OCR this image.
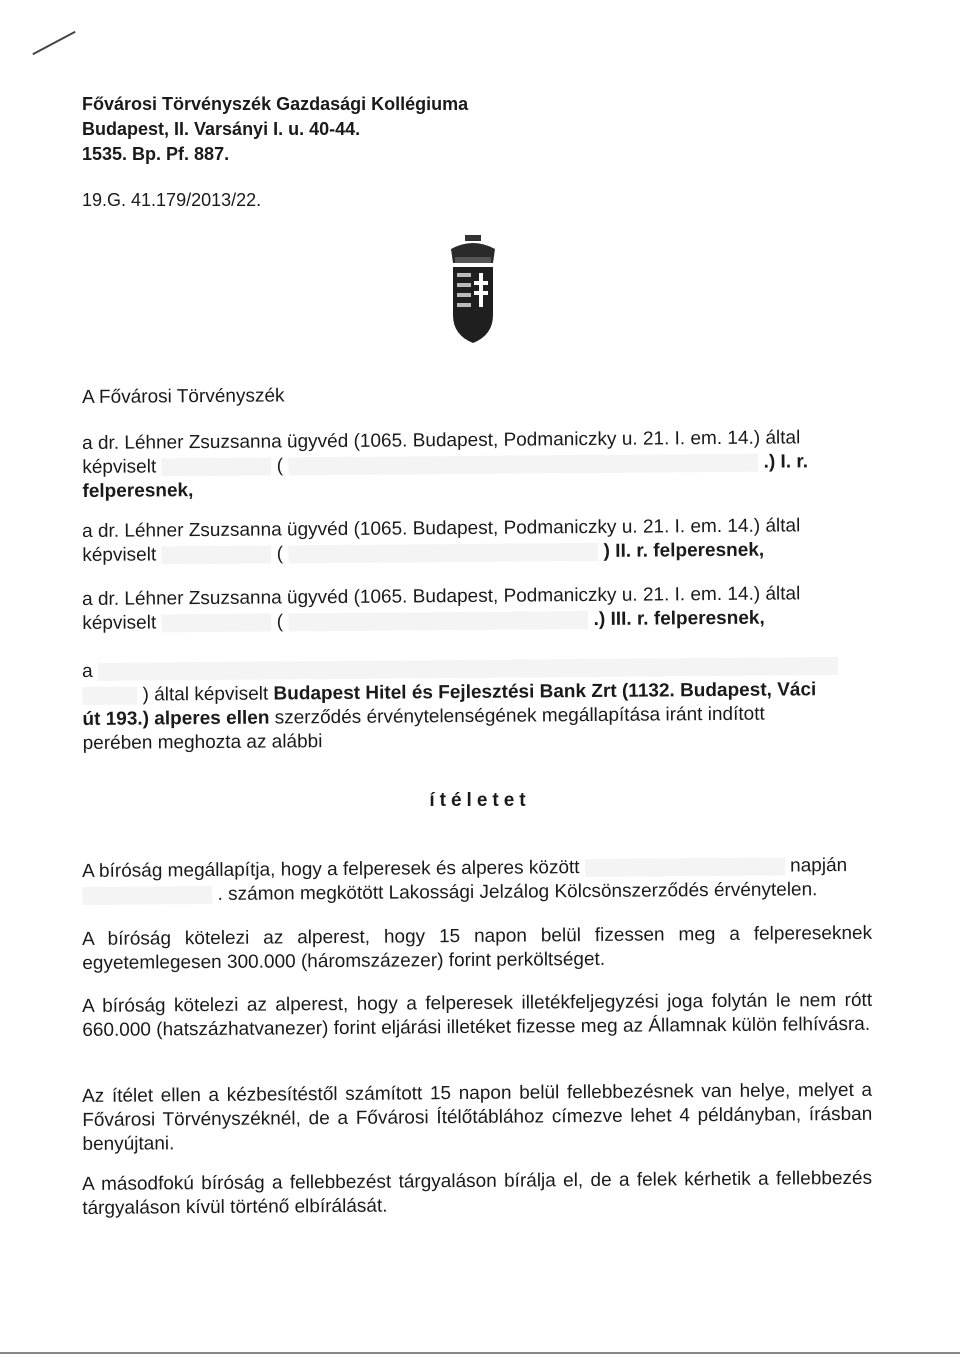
Fővárosi Törvényszék Gazdasági Kollégiuma
Budapest, II. Varsányi I. u. 40-44.
1535. Bp. Pf. 887.
19.G. 41.179/2013/22.
A Fővárosi Törvényszék
a dr. Léhner Zsuzsanna ügyvéd (1065. Budapest, Podmaniczky u. 21. I. em. 14.) által
képviselt	(	.) I. r.
felperesnek,
a dr. Léhner Zsuzsanna ügyvéd (1065. Budapest, Podmaniczky u. 21. I. em. 14.) által
képviselt	(	) II. r. felperesnek,
a dr. Léhner Zsuzsanna ügyvéd (1065. Budapest, Podmaniczky u. 21. I. em. 14.) által
képviselt	(	.) III. r. felperesnek,
a
) által képviselt Budapest Hitel és Fejlesztési Bank Zrt (1132. Budapest, Váci
út 193.) alperes ellen szerződés érvénytelenségének megállapítása iránt indított
perében meghozta az alábbi
ítéletet
A bíróság megállapítja, hogy a felperesek és alperes között	napján
. számon megkötött Lakossági Jelzálog Kölcsönszerződés érvénytelen.
A bíróság kötelezi az alperest, hogy 15 napon belül fizessen meg a felpereseknek egyetemlegesen 300.000 (háromszázezer) forint perköltséget.
A bíróság kötelezi az alperest, hogy a felperesek illetékfeljegyzési joga folytán le nem rótt 660.000 (hatszázhatvanezer) forint eljárási illetéket fizesse meg az Államnak külön felhívásra.
Az ítélet ellen a kézbesítéstől számított 15 napon belül fellebbezésnek van helye, melyet a Fővárosi Törvényszéknél, de a Fővárosi Ítélőtáblához címezve lehet 4 példányban, írásban benyújtani.
A másodfokú bíróság a fellebbezést tárgyaláson bírálja el, de a felek kérhetik a fellebbezés tárgyaláson kívül történő elbírálását.
